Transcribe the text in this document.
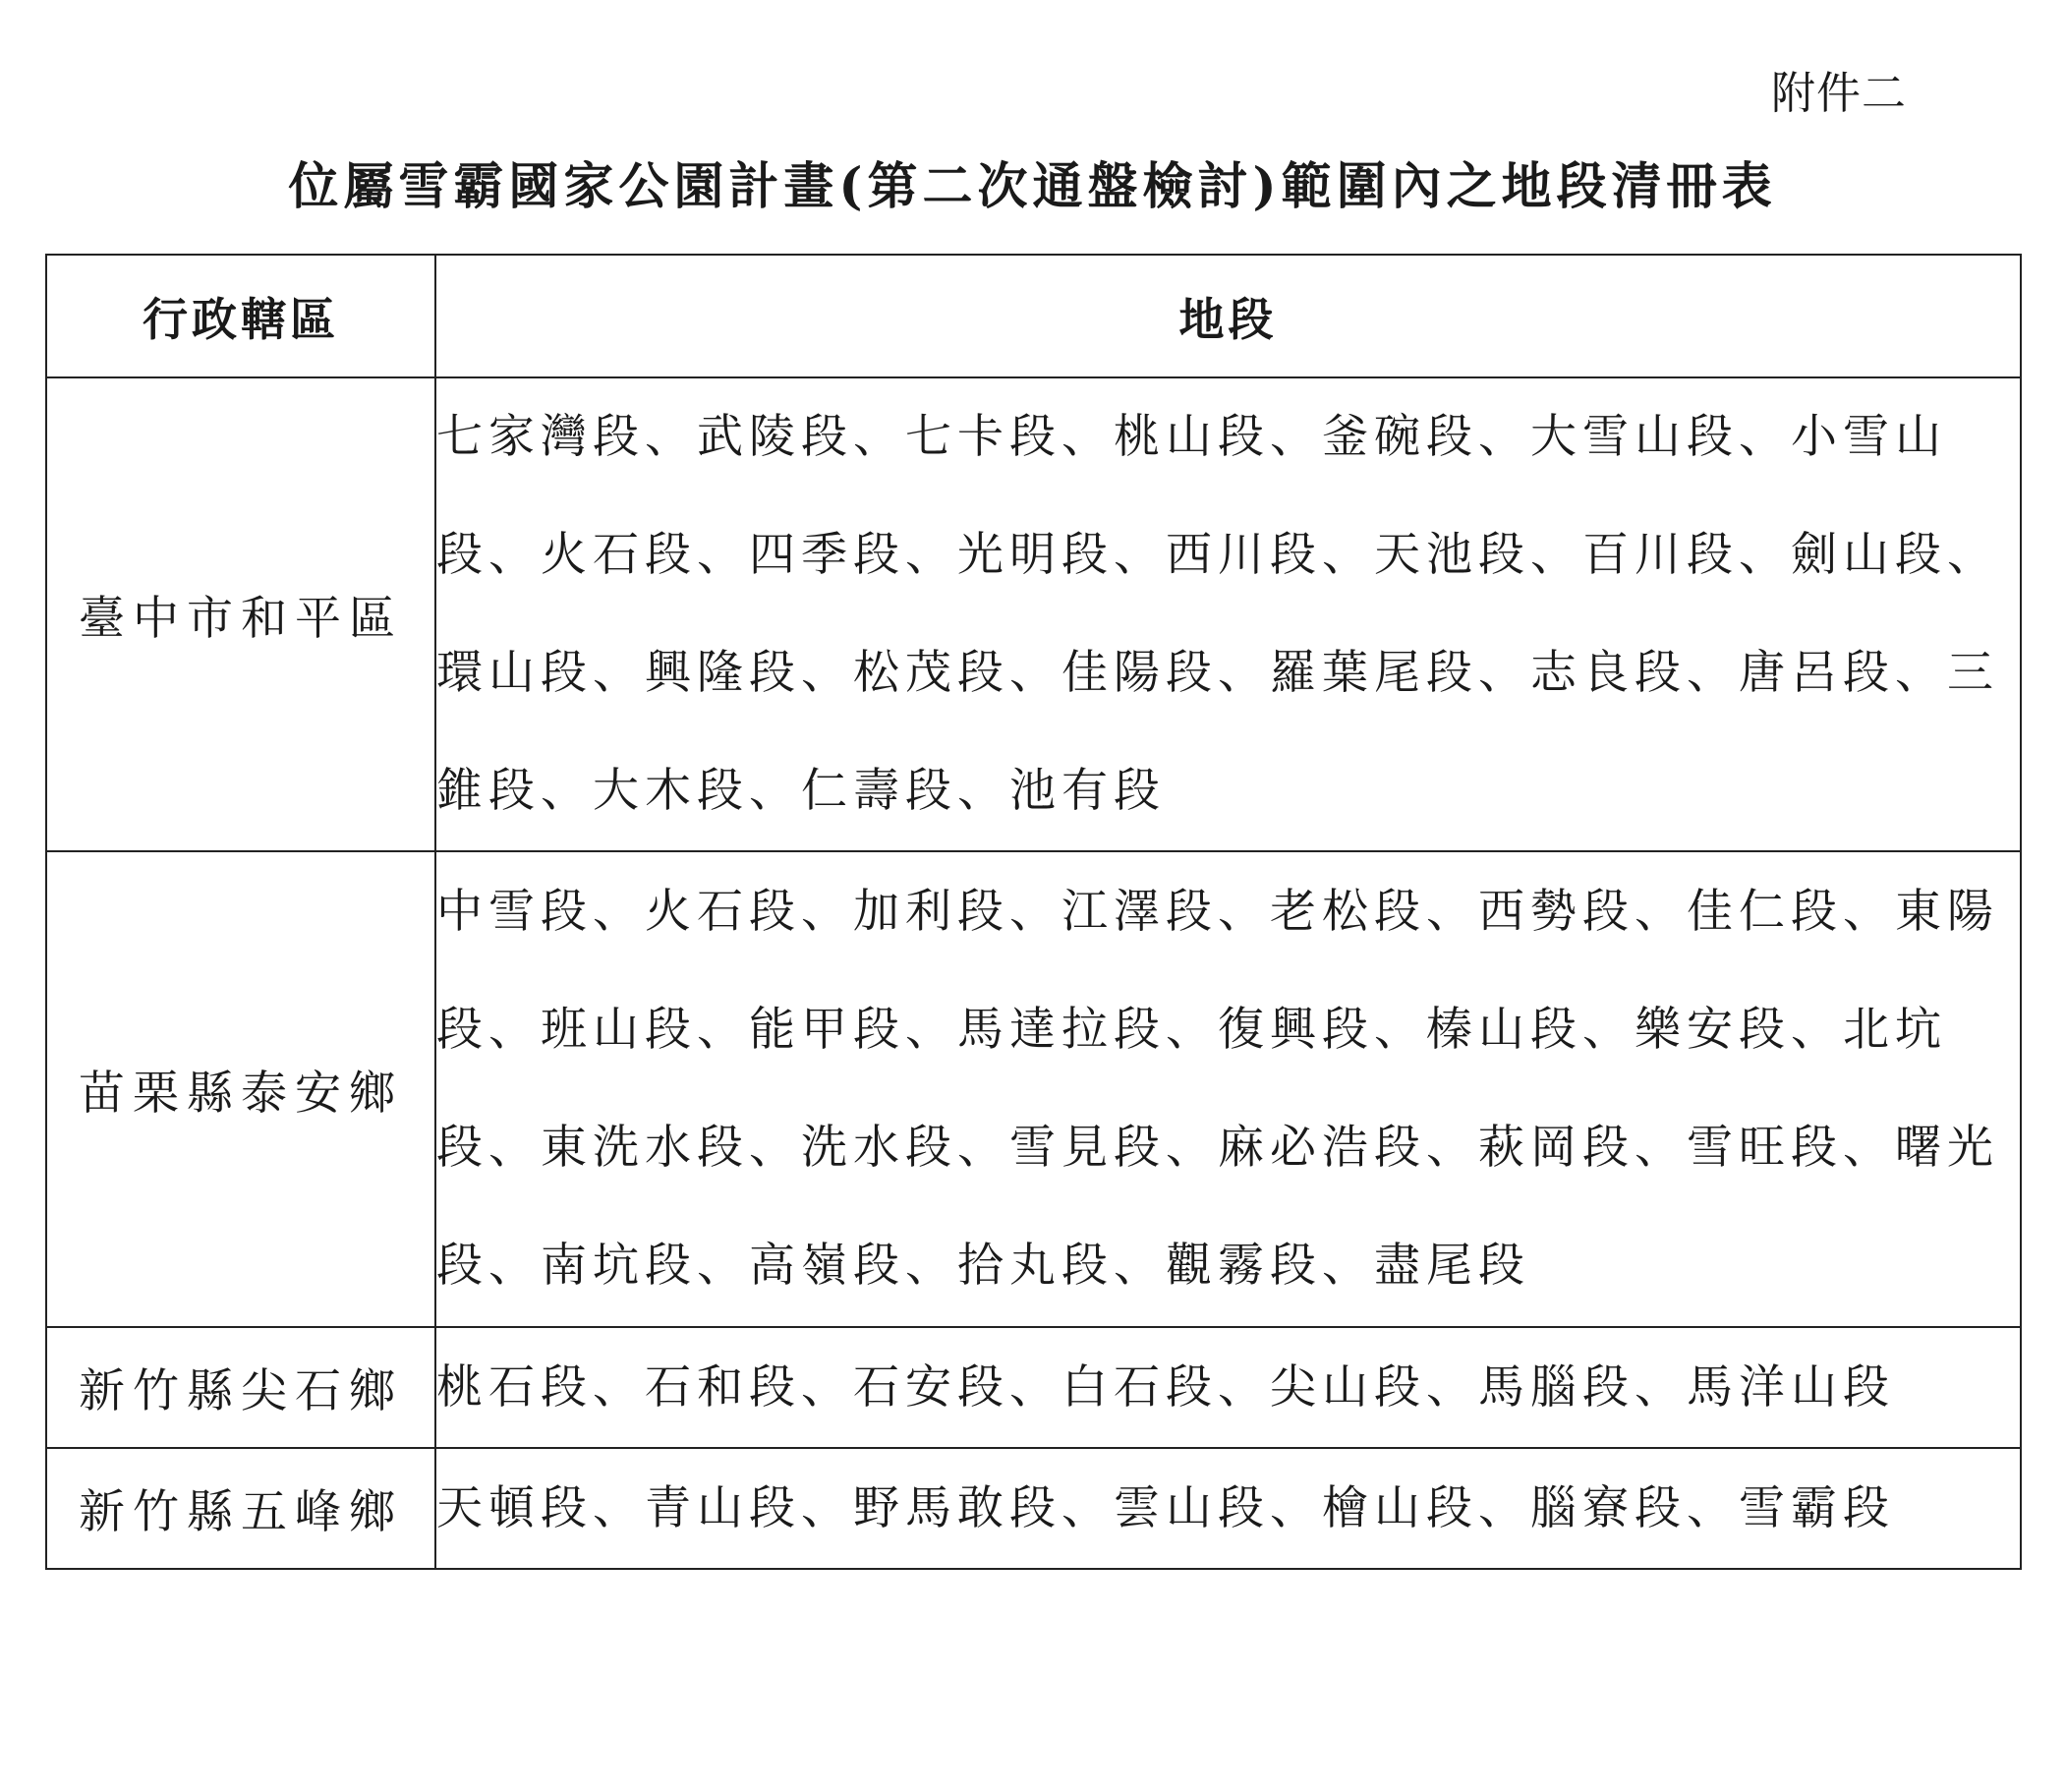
附件二
位屬雪霸國家公園計畫(第二次通盤檢討)範圍內之地段清冊表
行政轄區	地段
臺中市和平區	七家灣段、武陵段、七卡段、桃山段、釜碗段、大雪山段、小雪山段、火石段、四季段、光明段、西川段、天池段、百川段、劍山段、環山段、興隆段、松茂段、佳陽段、羅葉尾段、志良段、唐呂段、三錐段、大木段、仁壽段、池有段
苗栗縣泰安鄉	中雪段、火石段、加利段、江澤段、老松段、西勢段、佳仁段、東陽段、班山段、能甲段、馬達拉段、復興段、榛山段、樂安段、北坑段、東洗水段、洗水段、雪見段、麻必浩段、萩岡段、雪旺段、曙光段、南坑段、高嶺段、拾丸段、觀霧段、盡尾段
新竹縣尖石鄉	桃石段、石和段、石安段、白石段、尖山段、馬腦段、馬洋山段
新竹縣五峰鄉	天頓段、青山段、野馬敢段、雲山段、檜山段、腦寮段、雪霸段
